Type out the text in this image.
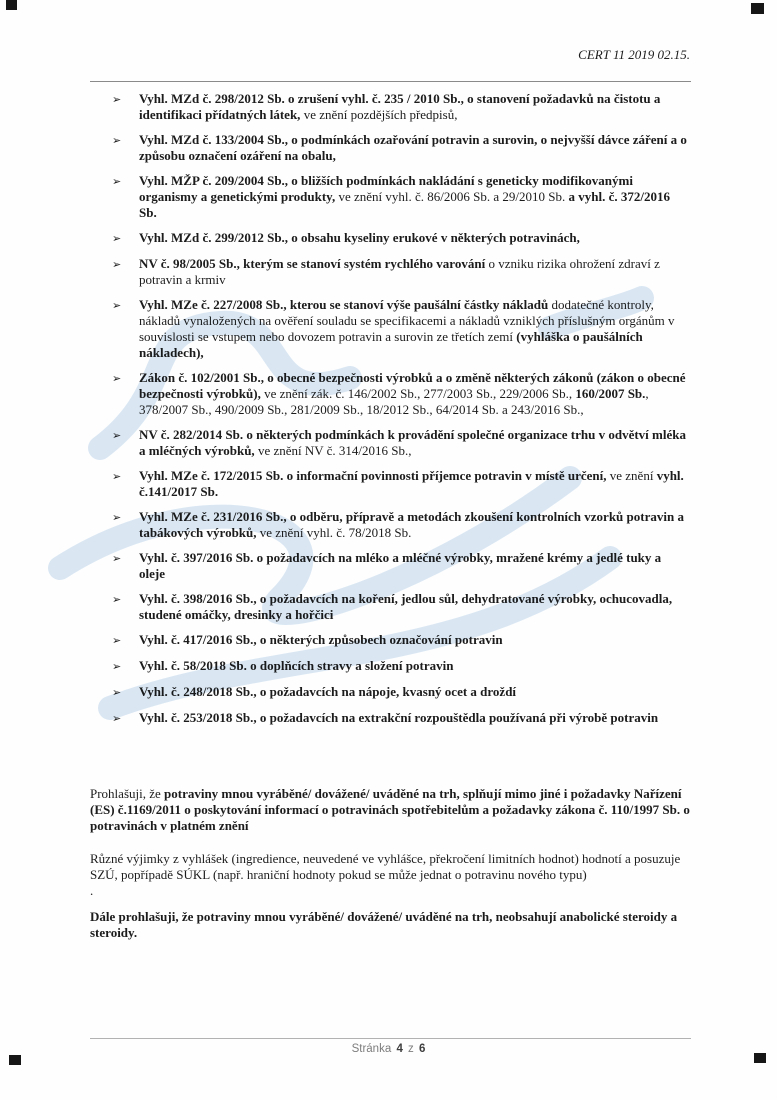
CERT 11 2019 02.15.
➢	Vyhl. MZd č. 298/2012 Sb. o zrušení vyhl. č. 235 / 2010 Sb., o stanovení požadavků na čistotu a identifikaci přídatných látek, ve znění pozdějších předpisů,
➢	Vyhl. MZd č. 133/2004 Sb., o podmínkách ozařování potravin a surovin, o nejvyšší dávce záření a o způsobu označení ozáření na obalu,
➢	Vyhl. MŽP č. 209/2004 Sb., o bližších podmínkách nakládání s geneticky modifikovanými organismy a genetickými produkty, ve znění vyhl. č. 86/2006 Sb. a 29/2010 Sb. a vyhl. č. 372/2016 Sb.
➢	Vyhl. MZd č. 299/2012 Sb., o obsahu kyseliny erukové v některých potravinách,
➢	NV č. 98/2005 Sb., kterým se stanoví systém rychlého varování o vzniku rizika ohrožení zdraví z potravin a krmiv
➢	Vyhl. MZe č. 227/2008 Sb., kterou se stanoví výše paušální částky nákladů dodatečné kontroly, nákladů vynaložených na ověření souladu se specifikacemi a nákladů vzniklých příslušným orgánům v souvislosti se vstupem nebo dovozem potravin a surovin ze třetích zemí (vyhláška o paušálních nákladech),
➢	Zákon č. 102/2001 Sb., o obecné bezpečnosti výrobků a o změně některých zákonů (zákon o obecné bezpečnosti výrobků), ve znění zák. č. 146/2002 Sb., 277/2003 Sb., 229/2006 Sb., 160/2007 Sb., 378/2007 Sb., 490/2009 Sb., 281/2009 Sb., 18/2012 Sb., 64/2014 Sb. a 243/2016 Sb.,
➢	NV č. 282/2014 Sb. o některých podmínkách k provádění společné organizace trhu v odvětví mléka a mléčných výrobků, ve znění NV č. 314/2016 Sb.,
➢	Vyhl. MZe č. 172/2015 Sb. o informační povinnosti příjemce potravin v místě určení, ve znění vyhl. č.141/2017 Sb.
➢	Vyhl. MZe č. 231/2016 Sb., o odběru, přípravě a metodách zkoušení kontrolních vzorků potravin a tabákových výrobků, ve znění vyhl. č. 78/2018 Sb.
➢	Vyhl. č. 397/2016 Sb. o požadavcích na mléko a mléčné výrobky, mražené krémy a jedlé tuky a oleje
➢	Vyhl. č. 398/2016 Sb., o požadavcích na koření, jedlou sůl, dehydratované výrobky, ochucovadla, studené omáčky, dresinky a hořčici
➢	Vyhl. č. 417/2016 Sb., o některých způsobech označování potravin
➢	Vyhl. č. 58/2018 Sb. o doplňcích stravy a složení potravin
➢	Vyhl. č. 248/2018 Sb., o požadavcích na nápoje, kvasný ocet a droždí
➢	Vyhl. č. 253/2018 Sb., o požadavcích na extrakční rozpouštědla používaná při výrobě potravin

Prohlašuji, že potraviny mnou vyráběné/ dovážené/ uváděné na trh, splňují mimo jiné i požadavky Nařízení (ES) č.1169/2011 o poskytování informací o potravinách spotřebitelům a požadavky zákona č. 110/1997 Sb. o potravinách v platném znění

Různé výjimky z vyhlášek (ingredience, neuvedené ve vyhlášce, překročení limitních hodnot) hodnotí a posuzuje SZÚ, popřípadě SÚKL (např. hraniční hodnoty pokud se může jednat o potravinu nového typu)

.

Dále prohlašuji, že potraviny mnou vyráběné/ dovážené/ uváděné na trh, neobsahují anabolické steroidy a steroidy.

Stránka 4 z 6
